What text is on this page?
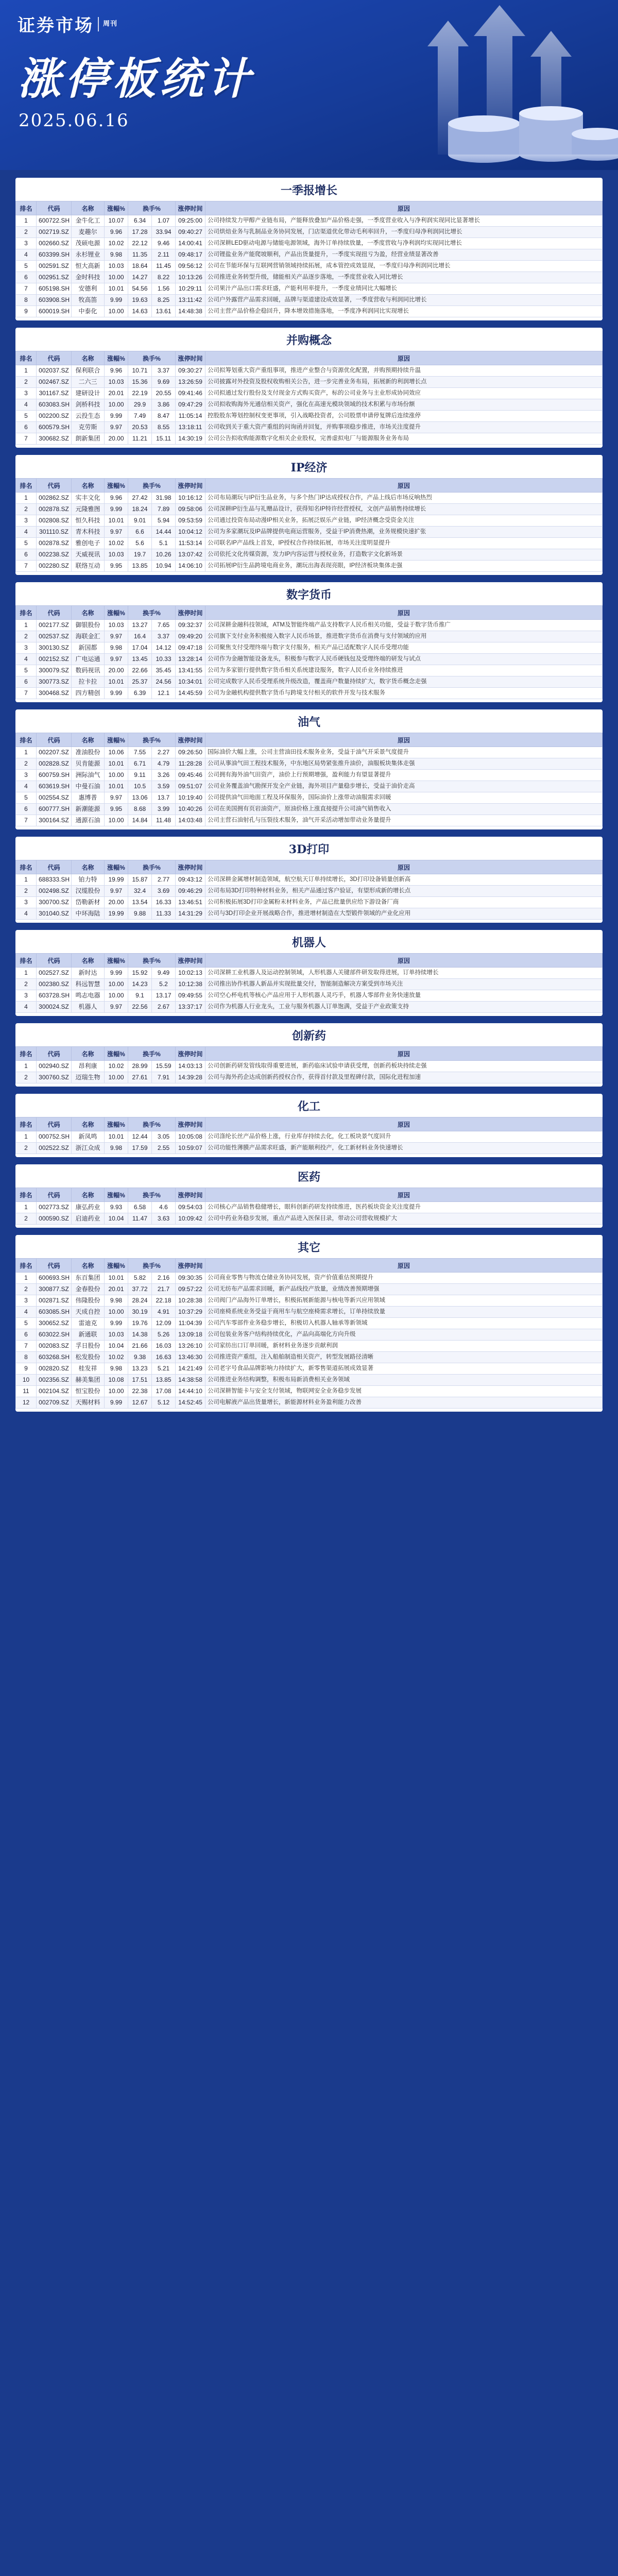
证券市场 周刊
涨停板统计
2025.06.16
一季报增长
排名	代码	名称	涨幅%	换手%		涨停时间	原因
1	600722.SH	金牛化工	10.07	6.34	1.07	09:25:00	公司持续发力甲醇产业链布局，产能释放叠加产品价格走强，一季度营业收入与净利润实现同比显著增长
2	002719.SZ	麦趣尔	9.96	17.28	33.94	09:40:27	公司烘焙业务与乳制品业务协同发展，门店渠道优化带动毛利率回升，一季度归母净利润同比增长
3	002660.SZ	茂硕电源	10.02	22.12	9.46	14:00:41	公司深耕LED驱动电源与储能电源领域，海外订单持续放量，一季度营收与净利润均实现同比增长
4	603399.SH	永杉锂业	9.98	11.35	2.11	09:48:17	公司锂盐业务产能爬坡顺利，产品出货量提升，一季度实现扭亏为盈，经营业绩显著改善
5	002591.SZ	恒大高新	10.03	18.64	11.45	09:56:12	公司在节能环保与互联网营销领域持续拓展，成本管控成效显现，一季度归母净利润同比增长
6	002951.SZ	金时科技	10.00	14.27	8.22	10:13:26	公司推进业务转型升级，储能相关产品逐步落地，一季度营业收入同比增长
7	605198.SH	安德利	10.01	54.56	1.56	10:29:11	公司果汁产品出口需求旺盛，产能利用率提升，一季度业绩同比大幅增长
8	603908.SH	牧高笛	9.99	19.63	8.25	13:11:42	公司户外露营产品需求回暖，品牌与渠道建设成效显著，一季度营收与利润同比增长
9	600019.SH	中泰化	10.00	14.63	13.61	14:48:38	公司主营产品价格企稳回升，降本增效措施落地，一季度净利润同比实现增长
并购概念
排名	代码	名称	涨幅%	换手%		涨停时间	原因
1	002037.SZ	保利联合	9.96	10.71	3.37	09:30:27	公司拟筹划重大资产重组事项，推进产业整合与资源优化配置，并购预期持续升温
2	002467.SZ	二六三	10.03	15.36	9.69	13:26:59	公司披露对外投资及股权收购相关公告，进一步完善业务布局，拓展新的利润增长点
3	301167.SZ	建研设计	20.01	22.19	20.55	09:41:46	公司拟通过发行股份及支付现金方式购买资产，标的公司业务与主业形成协同效应
4	603083.SH	剑桥科技	10.00	29.9	3.86	09:47:29	公司拟收购海外光通信相关资产，强化在高速光模块领域的技术积累与市场份额
5	002200.SZ	云投生态	9.99	7.49	8.47	11:05:14	控股股东筹划控制权变更事项，引入战略投资者，公司股票申请停复牌后连续涨停
6	600579.SH	克劳斯	9.97	20.53	8.55	13:18:11	公司收到关于重大资产重组的问询函并回复，并购事项稳步推进，市场关注度提升
7	300682.SZ	朗新集团	20.00	11.21	15.11	14:30:19	公司公告拟收购能源数字化相关企业股权，完善虚拟电厂与能源服务业务布局
IP经济
排名	代码	名称	涨幅%	换手%		涨停时间	原因
1	002862.SZ	实丰文化	9.96	27.42	31.98	10:16:12	公司布局潮玩与IP衍生品业务，与多个热门IP达成授权合作，产品上线后市场反响热烈
2	002878.SZ	元隆雅图	9.99	18.24	7.89	09:58:06	公司深耕IP衍生品与礼赠品设计，获得知名IP特许经营授权，文创产品销售持续增长
3	002808.SZ	恒久科技	10.01	9.01	5.94	09:53:59	公司通过投资布局动漫IP相关业务，拓展泛娱乐产业链，IP经济概念受资金关注
4	301110.SZ	青木科技	9.97	6.6	14.44	10:04:12	公司为多家潮玩及IP品牌提供电商运营服务，受益于IP消费热潮，业务规模快速扩张
5	002878.SZ	雅创电子	10.02	5.6	5.1	11:53:14	公司联名IP产品线上首发，IP授权合作持续拓展，市场关注度明显提升
6	002238.SZ	天威视讯	10.03	19.7	10.26	13:07:42	公司依托文化传媒资源，发力IP内容运营与授权业务，打造数字文化新场景
7	002280.SZ	联络互动	9.95	13.85	10.94	14:06:10	公司拓展IP衍生品跨境电商业务，潮玩出海表现亮眼，IP经济板块集体走强
数字货币
排名	代码	名称	涨幅%	换手%		涨停时间	原因
1	002177.SZ	御银股份	10.03	13.27	7.65	09:32:37	公司深耕金融科技领域，ATM及智能终端产品支持数字人民币相关功能，受益于数字货币推广
2	002537.SZ	海联金汇	9.97	16.4	3.37	09:49:20	公司旗下支付业务积极接入数字人民币场景，推进数字货币在消费与支付领域的应用
3	300130.SZ	新国都	9.98	17.04	14.12	09:47:18	公司聚焦支付受理终端与数字支付服务，相关产品已适配数字人民币受理功能
4	002152.SZ	广电运通	9.97	13.45	10.33	13:28:14	公司作为金融智能设备龙头，积极参与数字人民币硬钱包及受理终端的研发与试点
5	300079.SZ	数码视讯	20.00	22.66	35.45	13:41:55	公司为多家银行提供数字货币相关系统建设服务，数字人民币业务持续推进
6	300773.SZ	拉卡拉	10.01	25.37	24.56	10:34:01	公司完成数字人民币受理系统升级改造，覆盖商户数量持续扩大，数字货币概念走强
7	300468.SZ	四方精创	9.99	6.39	12.1	14:45:59	公司为金融机构提供数字货币与跨境支付相关的软件开发与技术服务
油气
排名	代码	名称	涨幅%	换手%		涨停时间	原因
1	002207.SZ	准油股份	10.06	7.55	2.27	09:26:50	国际油价大幅上涨，公司主营油田技术服务业务，受益于油气开采景气度提升
2	002828.SZ	贝肯能源	10.01	6.71	4.79	11:28:28	公司从事油气田工程技术服务，中东地区局势紧张推升油价，油服板块集体走强
3	600759.SH	洲际油气	10.00	9.11	3.26	09:45:46	公司拥有海外油气田资产，油价上行预期增强，盈利能力有望显著提升
4	603619.SH	中曼石油	10.01	10.5	3.59	09:51:07	公司业务覆盖油气勘探开发全产业链，海外项目产量稳步增长，受益于油价走高
5	002554.SZ	惠博普	9.97	13.06	13.7	10:19:40	公司提供油气田地面工程及环保服务，国际油价上涨带动油服需求回暖
6	600777.SH	新潮能源	9.95	8.68	3.99	10:40:26	公司在美国拥有页岩油资产，原油价格上涨直接提升公司油气销售收入
7	300164.SZ	通源石油	10.00	14.84	11.48	14:03:48	公司主营石油射孔与压裂技术服务，油气开采活动增加带动业务量提升
3D打印
排名	代码	名称	涨幅%	换手%		涨停时间	原因
1	688333.SH	铂力特	19.99	15.87	2.77	09:43:12	公司深耕金属增材制造领域，航空航天订单持续增长，3D打印设备销量创新高
2	002498.SZ	汉缆股份	9.97	32.4	3.69	09:46:29	公司布局3D打印特种材料业务，相关产品通过客户验证，有望形成新的增长点
3	300700.SZ	岱勒新材	20.00	13.54	16.33	13:46:51	公司积极拓展3D打印金属粉末材料业务，产品已批量供应给下游设备厂商
4	301040.SZ	中环海陆	19.99	9.88	11.33	14:31:29	公司与3D打印企业开展战略合作，推进增材制造在大型锻件领域的产业化应用
机器人
排名	代码	名称	涨幅%	换手%		涨停时间	原因
1	002527.SZ	新时达	9.99	15.92	9.49	10:02:13	公司深耕工业机器人及运动控制领域，人形机器人关键部件研发取得进展，订单持续增长
2	002380.SZ	科远智慧	10.00	14.23	5.2	10:12:38	公司推出协作机器人新品并实现批量交付，智能制造解决方案受到市场关注
3	603728.SH	鸣志电器	10.00	9.1	13.17	09:49:55	公司空心杯电机等核心产品应用于人形机器人灵巧手，机器人零部件业务快速放量
4	300024.SZ	机器人	9.97	22.56	2.67	13:37:17	公司作为机器人行业龙头，工业与服务机器人订单饱满，受益于产业政策支持
创新药
排名	代码	名称	涨幅%	换手%		涨停时间	原因
1	002940.SZ	昂利康	10.02	28.99	15.59	14:03:13	公司创新药研发管线取得重要进展，新药临床试验申请获受理，创新药板块持续走强
2	300760.SZ	迈瑞生物	10.00	27.61	7.91	14:39:28	公司与海外药企达成创新药授权合作，获得首付款及里程碑付款，国际化进程加速
化工
排名	代码	名称	涨幅%	换手%		涨停时间	原因
1	000752.SH	新凤鸣	10.01	12.44	3.05	10:05:08	公司涤纶长丝产品价格上涨，行业库存持续去化，化工板块景气度回升
2	002522.SZ	浙江众成	9.98	17.59	2.55	10:59:07	公司功能性薄膜产品需求旺盛，新产能顺利投产，化工新材料业务快速增长
医药
排名	代码	名称	涨幅%	换手%		涨停时间	原因
1	002773.SZ	康弘药业	9.93	6.58	4.6	09:54:03	公司核心产品销售稳健增长，眼科创新药研发持续推进，医药板块资金关注度提升
2	000590.SZ	启迪药业	10.04	11.47	3.63	10:09:42	公司中药业务稳步发展，重点产品进入医保目录，带动公司营收规模扩大
其它
排名	代码	名称	涨幅%	换手%		涨停时间	原因
1	600693.SH	东百集团	10.01	5.82	2.16	09:30:35	公司商业零售与物流仓储业务协同发展，资产价值重估预期提升
2	300877.SZ	金春股份	20.01	37.72	21.7	09:57:22	公司无纺布产品需求回暖，新产品线投产放量，业绩改善预期增强
3	002871.SZ	伟隆股份	9.98	28.24	22.18	10:28:38	公司阀门产品海外订单增长，积极拓展新能源与核电等新兴应用领域
4	603085.SH	天成自控	10.00	30.19	4.91	10:37:29	公司座椅系统业务受益于商用车与航空座椅需求增长，订单持续放量
5	300652.SZ	雷迪克	9.99	19.76	12.09	11:04:39	公司汽车零部件业务稳步增长，积极切入机器人轴承等新领域
6	603022.SH	新通联	10.03	14.38	5.26	13:09:18	公司包装业务客户结构持续优化，产品向高端化方向升级
7	002083.SZ	孚日股份	10.04	21.66	16.03	13:26:10	公司家纺出口订单回暖，新材料业务逐步贡献利润
8	603268.SH	松发股份	10.02	9.38	16.63	13:46:30	公司推进资产重组，注入船舶制造相关资产，转型发展路径清晰
9	002820.SZ	桂发祥	9.98	13.23	5.21	14:21:49	公司老字号食品品牌影响力持续扩大，新零售渠道拓展成效显著
10	002356.SZ	赫美集团	10.08	17.51	13.85	14:38:58	公司推进业务结构调整，积极布局新消费相关业务领域
11	002104.SZ	恒宝股份	10.00	22.38	17.08	14:44:10	公司深耕智能卡与安全支付领域，物联网安全业务稳步发展
12	002709.SZ	天赐材料	9.99	12.67	5.12	14:52:45	公司电解液产品出货量增长，新能源材料业务盈利能力改善
